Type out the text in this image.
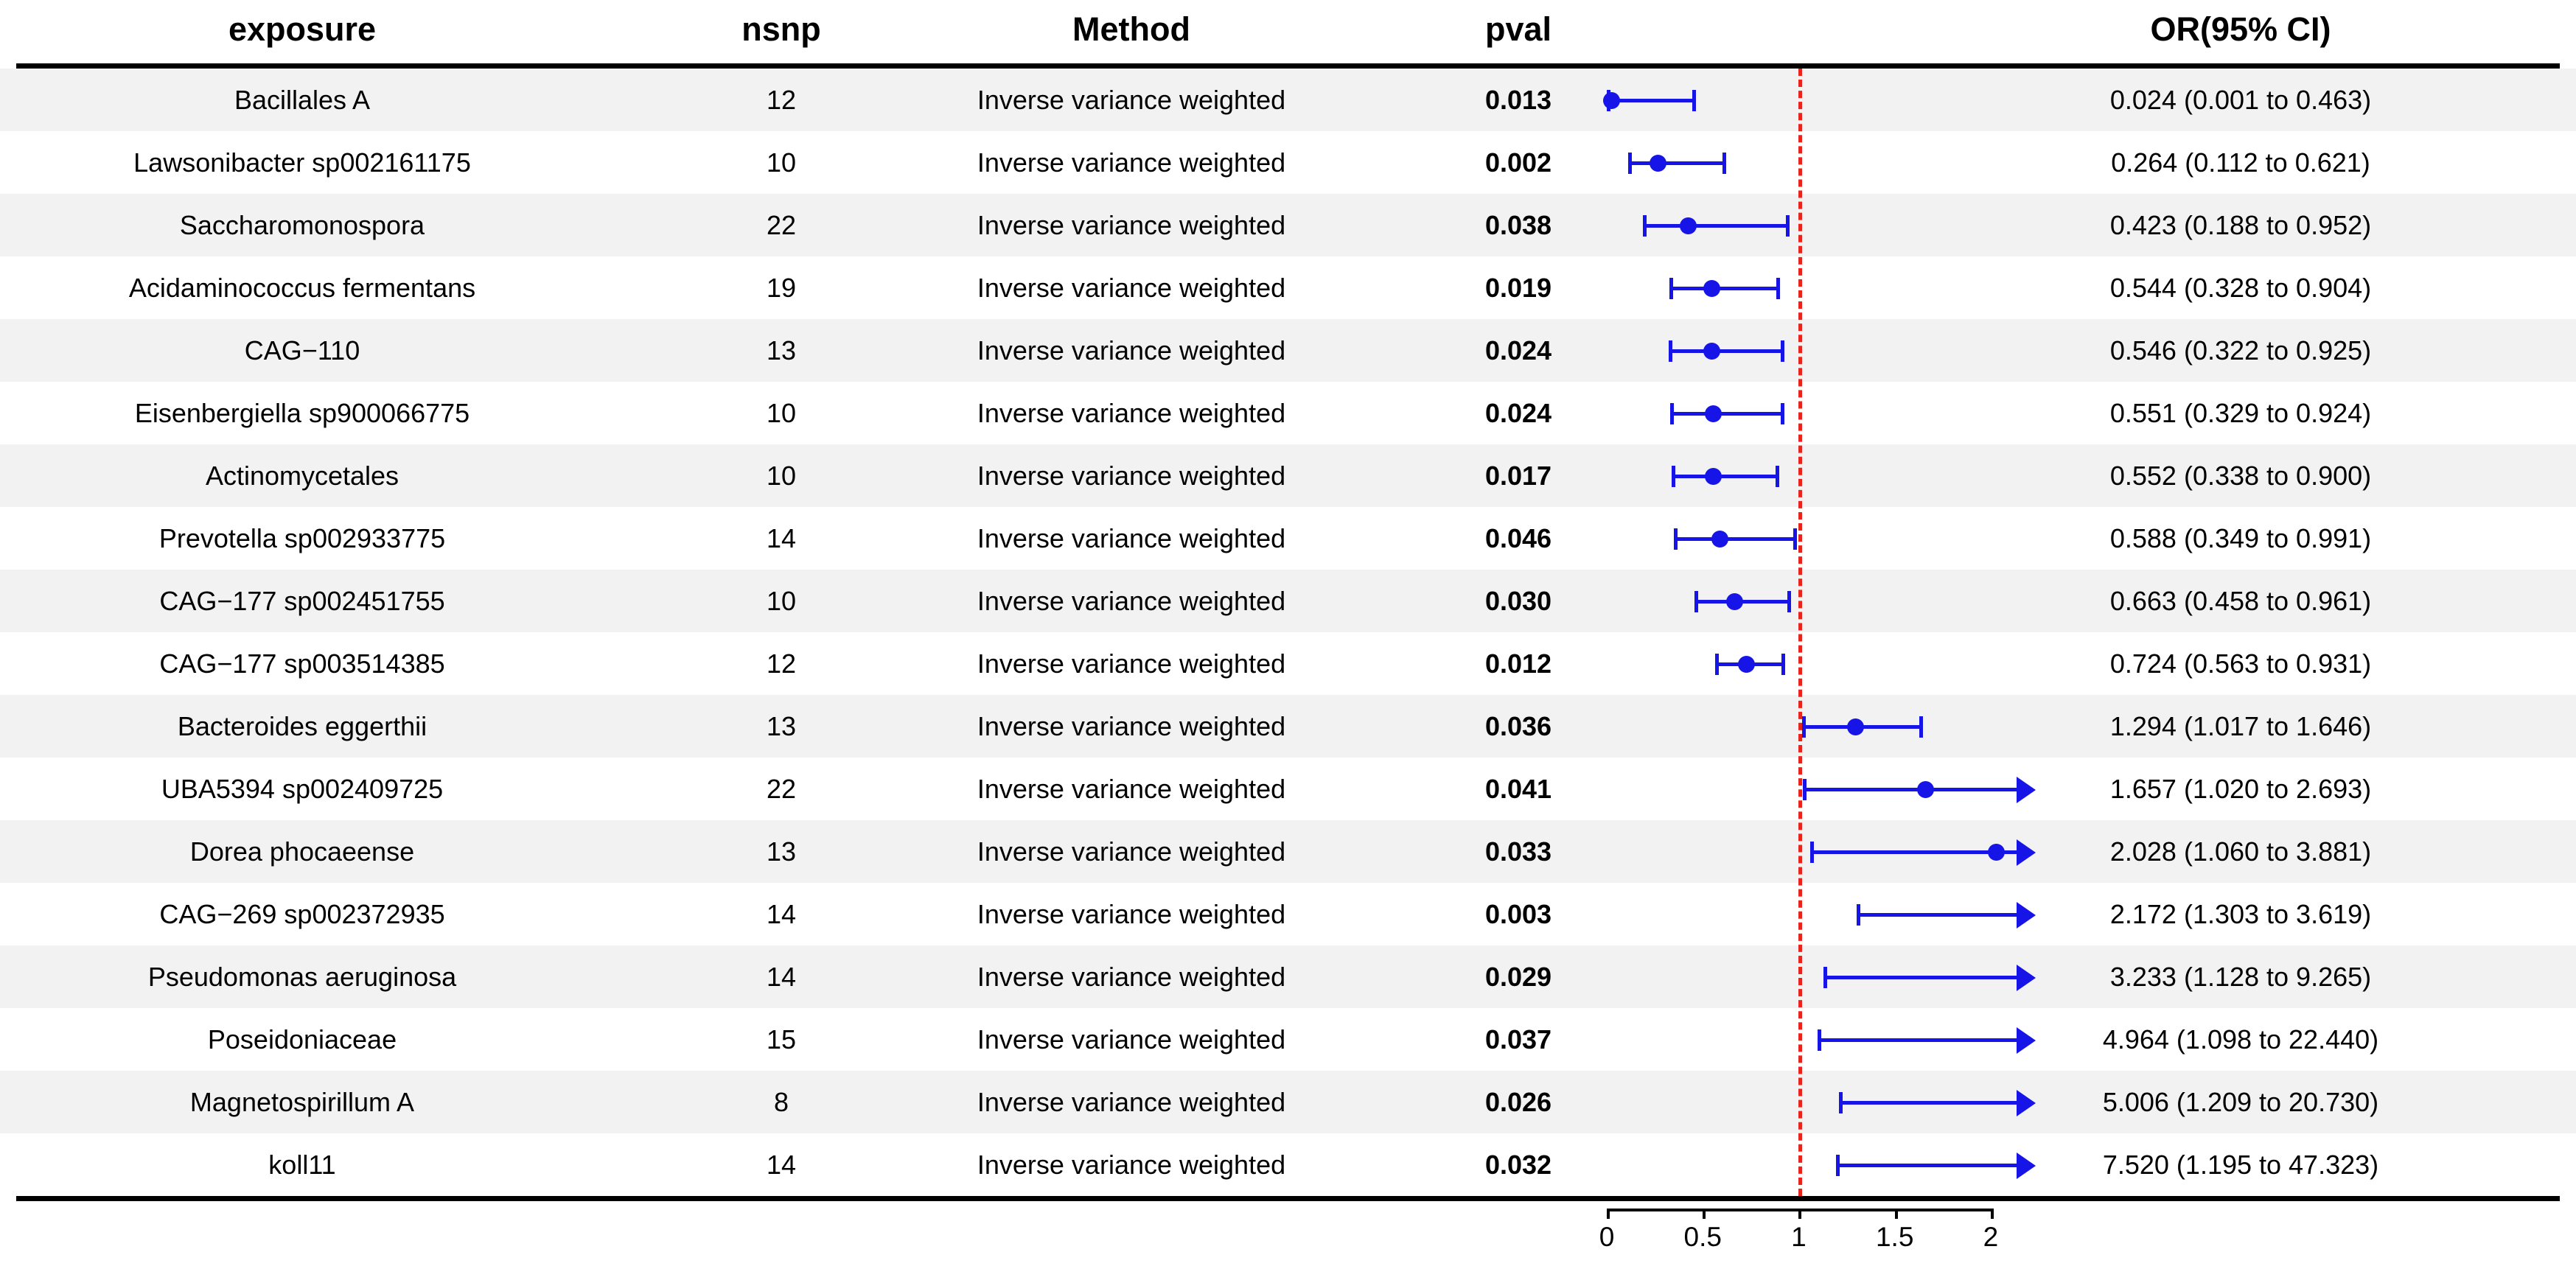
exposure	nsnp	Method	pval	OR(95% CI)
Bacillales A	12	Inverse variance weighted	0.013	0.024 (0.001 to 0.463)
Lawsonibacter sp002161175	10	Inverse variance weighted	0.002	0.264 (0.112 to 0.621)
Saccharomonospora	22	Inverse variance weighted	0.038	0.423 (0.188 to 0.952)
Acidaminococcus fermentans	19	Inverse variance weighted	0.019	0.544 (0.328 to 0.904)
CAG−110	13	Inverse variance weighted	0.024	0.546 (0.322 to 0.925)
Eisenbergiella sp900066775	10	Inverse variance weighted	0.024	0.551 (0.329 to 0.924)
Actinomycetales	10	Inverse variance weighted	0.017	0.552 (0.338 to 0.900)
Prevotella sp002933775	14	Inverse variance weighted	0.046	0.588 (0.349 to 0.991)
CAG−177 sp002451755	10	Inverse variance weighted	0.030	0.663 (0.458 to 0.961)
CAG−177 sp003514385	12	Inverse variance weighted	0.012	0.724 (0.563 to 0.931)
Bacteroides eggerthii	13	Inverse variance weighted	0.036	1.294 (1.017 to 1.646)
UBA5394 sp002409725	22	Inverse variance weighted	0.041	1.657 (1.020 to 2.693)
Dorea phocaeense	13	Inverse variance weighted	0.033	2.028 (1.060 to 3.881)
CAG−269 sp002372935	14	Inverse variance weighted	0.003	2.172 (1.303 to 3.619)
Pseudomonas aeruginosa	14	Inverse variance weighted	0.029	3.233 (1.128 to 9.265)
Poseidoniaceae	15	Inverse variance weighted	0.037	4.964 (1.098 to 22.440)
Magnetospirillum A	8	Inverse variance weighted	0.026	5.006 (1.209 to 20.730)
koll11	14	Inverse variance weighted	0.032	7.520 (1.195 to 47.323)
0	0.5	1	1.5	2
